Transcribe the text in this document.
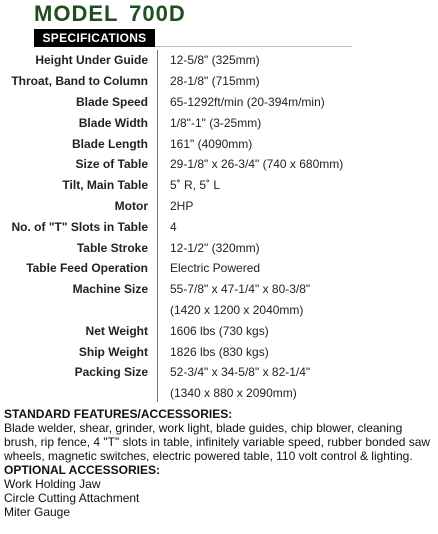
MODEL 700D
SPECIFICATIONS
Height Under Guide 12-5/8" (325mm)
Throat, Band to Column 28-1/8" (715mm)
Blade Speed 65-1292ft/min (20-394m/min)
Blade Width 1/8"-1" (3-25mm)
Blade Length 161" (4090mm)
Size of Table 29-1/8" x 26-3/4" (740 x 680mm)
Tilt, Main Table 5˚ R, 5˚ L
Motor 2HP
No. of "T" Slots in Table 4
Table Stroke 12-1/2" (320mm)
Table Feed Operation Electric Powered
Machine Size 55-7/8" x 47-1/4" x 80-3/8"
(1420 x 1200 x 2040mm)
Net Weight 1606 lbs (730 kgs)
Ship Weight 1826 lbs (830 kgs)
Packing Size 52-3/4" x 34-5/8" x 82-1/4"
(1340 x 880 x 2090mm)
STANDARD FEATURES/ACCESSORIES:
Blade welder, shear, grinder, work light, blade guides, chip blower, cleaning brush, rip fence, 4 "T" slots in table, infinitely variable speed, rubber bonded saw wheels, magnetic switches, electric powered table, 110 volt control & lighting.
OPTIONAL ACCESSORIES:
Work Holding Jaw
Circle Cutting Attachment
Miter Gauge
